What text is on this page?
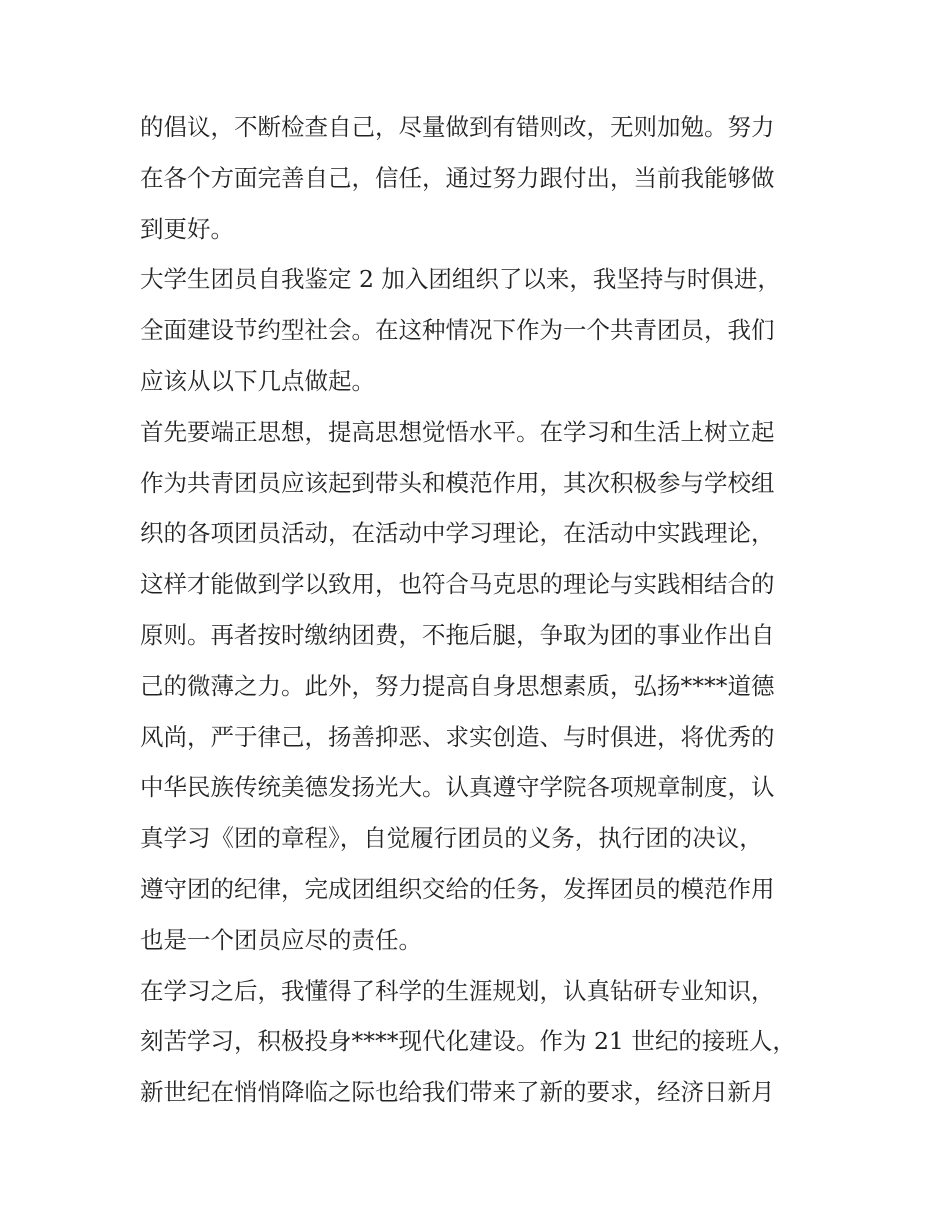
的倡议，不断检查自己，尽量做到有错则改，无则加勉。努力
在各个方面完善自己，信任，通过努力跟付出，当前我能够做
到更好。
大学生团员自我鉴定 2 加入团组织了以来，我坚持与时俱进，
全面建设节约型社会。在这种情况下作为一个共青团员，我们
应该从以下几点做起。
首先要端正思想，提高思想觉悟水平。在学习和生活上树立起
作为共青团员应该起到带头和模范作用，其次积极参与学校组
织的各项团员活动，在活动中学习理论，在活动中实践理论，
这样才能做到学以致用，也符合马克思的理论与实践相结合的
原则。再者按时缴纳团费，不拖后腿，争取为团的事业作出自
己的微薄之力。此外，努力提高自身思想素质，弘扬****道德
风尚，严于律己，扬善抑恶、求实创造、与时俱进，将优秀的
中华民族传统美德发扬光大。认真遵守学院各项规章制度，认
真学习《团的章程》，自觉履行团员的义务，执行团的决议，
遵守团的纪律，完成团组织交给的任务，发挥团员的模范作用
也是一个团员应尽的责任。
在学习之后，我懂得了科学的生涯规划，认真钻研专业知识，
刻苦学习，积极投身****现代化建设。作为 21 世纪的接班人，
新世纪在悄悄降临之际也给我们带来了新的要求，经济日新月
